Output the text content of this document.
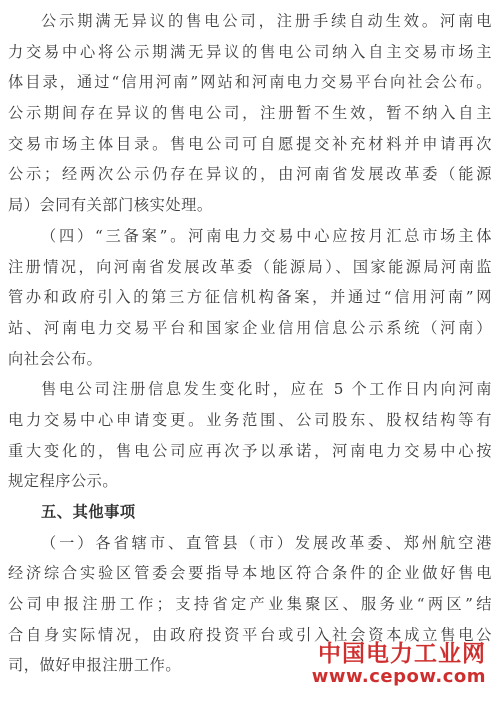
公示期满无异议的售电公司，注册手续自动生效。河南电
力交易中心将公示期满无异议的售电公司纳入自主交易市场主
体目录，通过“信用河南”网站和河南电力交易平台向社会公布。
公示期间存在异议的售电公司，注册暂不生效，暂不纳入自主
交易市场主体目录。售电公司可自愿提交补充材料并申请再次
公示；经两次公示仍存在异议的，由河南省发展改革委（能源
局）会同有关部门核实处理。
（四）“三备案”。河南电力交易中心应按月汇总市场主体
注册情况，向河南省发展改革委（能源局）、国家能源局河南监
管办和政府引入的第三方征信机构备案，并通过“信用河南”网
站、河南电力交易平台和国家企业信用信息公示系统（河南）
向社会公布。
售电公司注册信息发生变化时，应在 5 个工作日内向河南
电力交易中心申请变更。业务范围、公司股东、股权结构等有
重大变化的，售电公司应再次予以承诺，河南电力交易中心按
规定程序公示。
五、其他事项
（一）各省辖市、直管县（市）发展改革委、郑州航空港
经济综合实验区管委会要指导本地区符合条件的企业做好售电
公司申报注册工作；支持省定产业集聚区、服务业“两区”结
合自身实际情况，由政府投资平台或引入社会资本成立售电公
司，做好申报注册工作。	中国电力工业网
www.cepow.com
